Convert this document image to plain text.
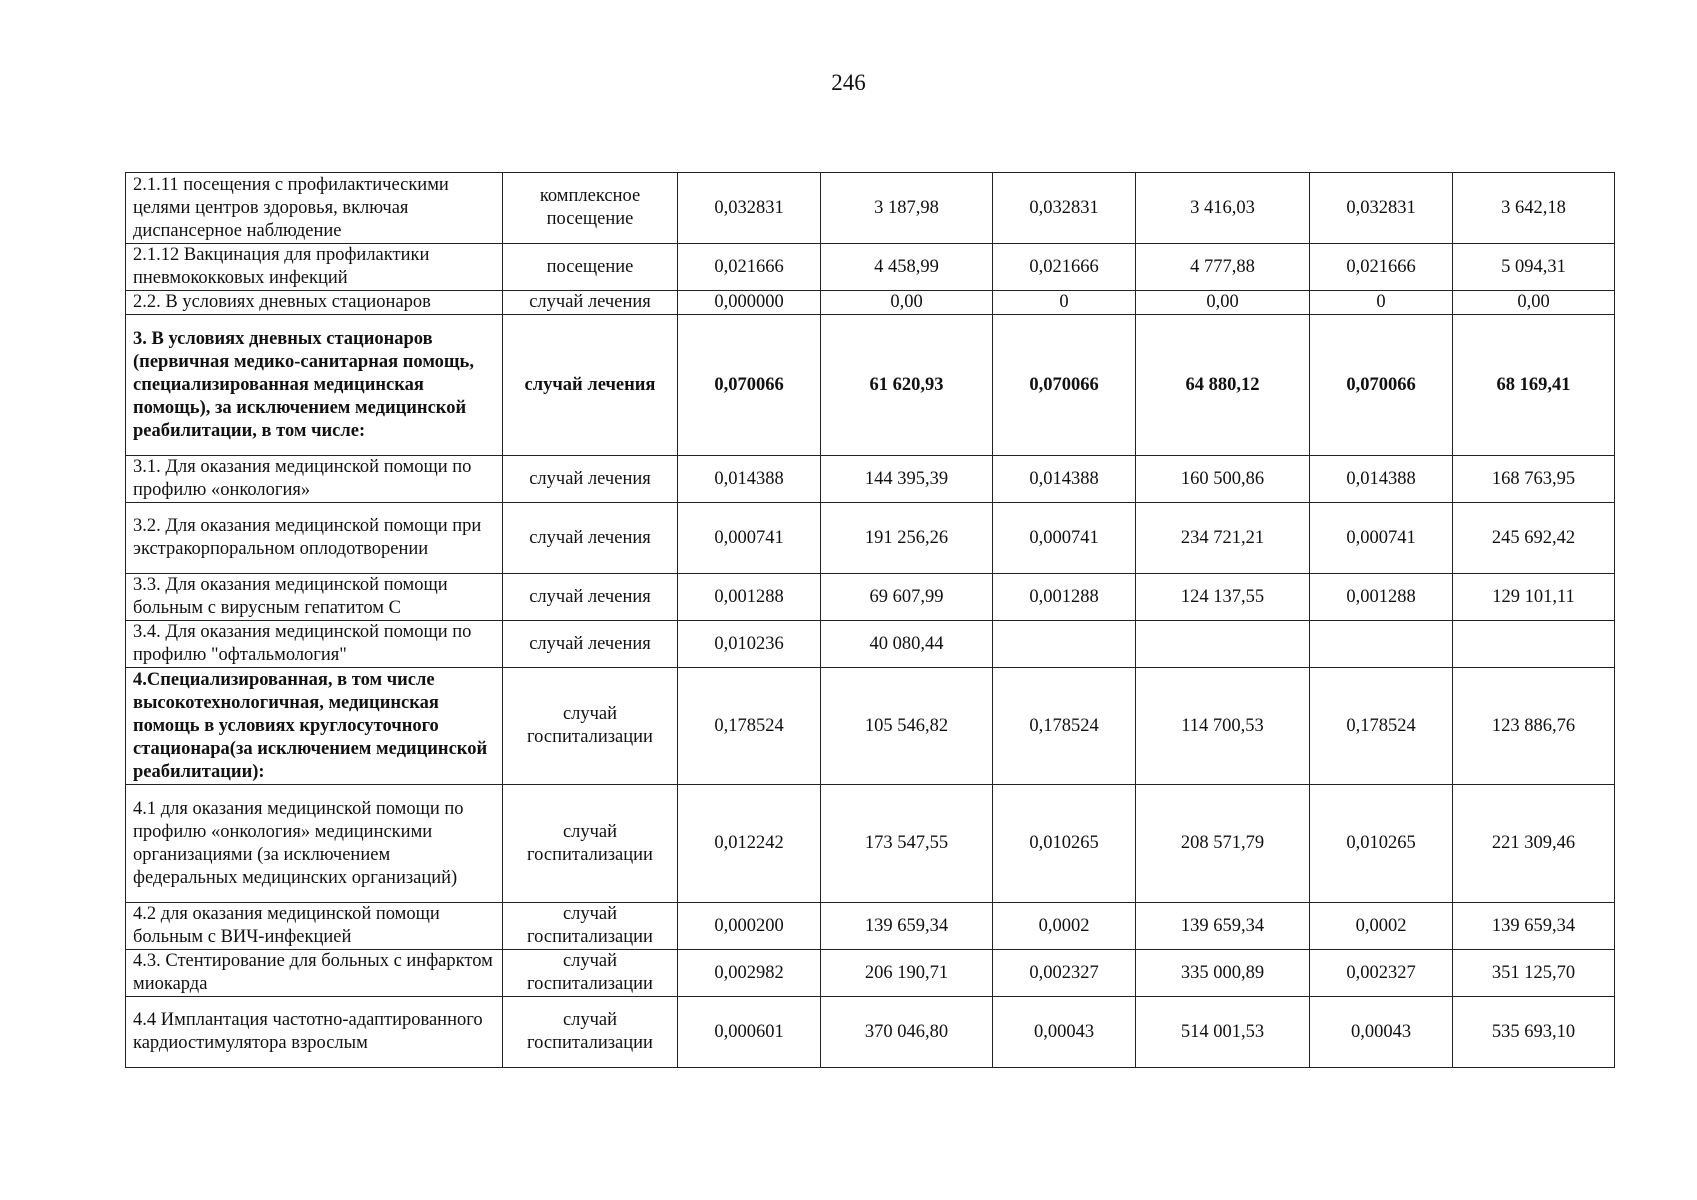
246
2.1.11 посещения с профилактическими целями центров здоровья, включая диспансерное наблюдение	комплексное посещение	0,032831	3 187,98	0,032831	3 416,03	0,032831	3 642,18
2.1.12 Вакцинация для профилактики пневмококковых инфекций	посещение	0,021666	4 458,99	0,021666	4 777,88	0,021666	5 094,31
2.2. В условиях дневных стационаров	случай лечения	0,000000	0,00	0	0,00	0	0,00
3. В условиях дневных стационаров (первичная медико-санитарная помощь, специализированная медицинская помощь), за исключением медицинской реабилитации, в том числе:	случай лечения	0,070066	61 620,93	0,070066	64 880,12	0,070066	68 169,41
3.1. Для оказания медицинской помощи по профилю «онкология»	случай лечения	0,014388	144 395,39	0,014388	160 500,86	0,014388	168 763,95
3.2. Для оказания медицинской помощи при экстракорпоральном оплодотворении	случай лечения	0,000741	191 256,26	0,000741	234 721,21	0,000741	245 692,42
3.3. Для оказания медицинской помощи больным с вирусным гепатитом С	случай лечения	0,001288	69 607,99	0,001288	124 137,55	0,001288	129 101,11
3.4. Для оказания медицинской помощи по профилю "офтальмология"	случай лечения	0,010236	40 080,44				
4.Специализированная, в том числе высокотехнологичная, медицинская помощь в условиях круглосуточного стационара(за исключением медицинской реабилитации):	случай госпитализации	0,178524	105 546,82	0,178524	114 700,53	0,178524	123 886,76
4.1 для оказания медицинской помощи по профилю «онкология» медицинскими организациями (за исключением федеральных медицинских организаций)	случай госпитализации	0,012242	173 547,55	0,010265	208 571,79	0,010265	221 309,46
4.2 для оказания медицинской помощи больным с ВИЧ-инфекцией	случай госпитализации	0,000200	139 659,34	0,0002	139 659,34	0,0002	139 659,34
4.3. Стентирование для больных с инфарктом миокарда	случай госпитализации	0,002982	206 190,71	0,002327	335 000,89	0,002327	351 125,70
4.4 Имплантация частотно-адаптированного кардиостимулятора взрослым	случай госпитализации	0,000601	370 046,80	0,00043	514 001,53	0,00043	535 693,10
